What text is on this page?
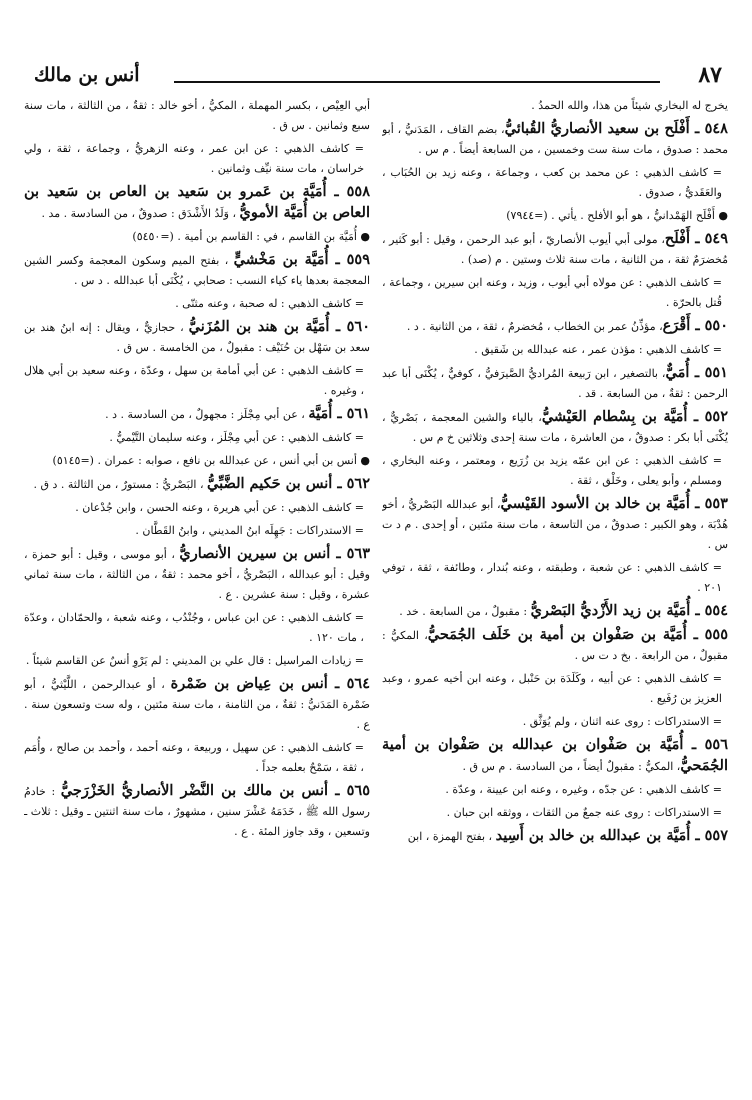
أنس بن مالك	٨٧

يخرج له البخاري شيئاً من هذا، والله الحمدُ .

٥٤٨ ـ أَفْلَح بن سعيد الأنصاريُّ القُبائيُّ، بضم القاف ، المَدَنيُّ ، أبو محمد : صدوق ، مات سنة ست وخمسين ، من السابعة أيضاً . م س .

= كاشف الذهبي : عن محمد بن كعب ، وجماعة ، وعنه زيد بن الحُبَاب ، والعَقَديُّ ، صدوق .

● أَفْلَح الهَمْدانيُّ ، هو أبو الأفلح . يأتي . (=٧٩٤٤)

٥٤٩ ـ أَفْلَح، مولى أبي أيوب الأنصاريّ ، أبو عبد الرحمن ، وقيل : أبو كَثير ، مُخضرَمٌ ثقة ، من الثانية ، مات سنة ثلاث وستين . م (صد) .

= كاشف الذهبي : عن مولاه أبي أيوب ، وزيد ، وعنه ابن سيرين ، وجماعة ، قُتل بالحرّة .

٥٥٠ ـ أَقْرَع، مؤذِّنُ عمر بن الخطاب ، مُخضرمٌ ، ثقة ، من الثانية . د .

= كاشف الذهبي : مؤذن عمر ، عنه عبدالله بن شَقيق .

٥٥١ ـ أُمَيٌّ، بالتصغير ، ابن رَبيعة المُراديُّ الصَّيرَفيُّ ، كوفيٌّ ، يُكْنَى أبا عبد الرحمن : ثقةٌ ، من السابعة . قد .

٥٥٢ ـ أُمَيَّة بن بِسْطام العَيْشيُّ، بالياء والشين المعجمة ، بَصْريٌّ ، يُكْنَى أبا بكر : صدوقٌ ، من العاشرة ، مات سنة إحدى وثلاثين خ م س .

= كاشف الذهبي : عن ابن عمّه يزيد بن زُرَيع ، ومعتمر ، وعنه البخاري ، ومسلم ، وأبو يعلى ، وخَلْق ، ثقة .

٥٥٣ ـ أُمَيَّة بن خالد بن الأسود القَيْسيُّ، أبو عبدالله البَصْريُّ ، أخو هُدْبَة ، وهو الكبير : صدوقٌ ، من التاسعة ، مات سنة مئتين ، أو إحدى . م د ت س .

= كاشف الذهبي : عن شعبة ، وطبقته ، وعنه بُندار ، وطائفة ، ثقة ، توفي ٢٠١ .

٥٥٤ ـ أُمَيَّة بن زيد الأَزْديُّ البَصْريُّ : مقبولٌ ، من السابعة . خد .

٥٥٥ ـ أُمَيَّة بن صَفْوان بن أمية بن خَلَف الجُمَحيُّ، المكيُّ : مقبولٌ ، من الرابعة . بخ د ت س .

= كاشف الذهبي : عن أبيه ، وكَلَدَة بن حَنْبل ، وعنه ابن أخيه عمرو ، وعبد العزيز بن رُفَيع .

= الاستدراكات : روى عنه اثنان ، ولم يُوَثَّق .

٥٥٦ ـ أُمَيَّة بن صَفْوان بن عبدالله بن صَفْوان بن أمية الجُمَحيُّ، المكيُّ : مقبولٌ أيضاً ، من السادسة . م س ق .

= كاشف الذهبي : عن جدّه ، وغيره ، وعنه ابن عيينة ، وعدّة .

= الاستدراكات : روى عنه جمعٌ من الثقات ، ووثقه ابن حبان .

٥٥٧ ـ أُمَيَّة بن عبدالله بن خالد بن أَسِيد ، بفتح الهمزة ، ابن

أبي العِيْص ، بكسر المهملة ، المكيُّ ، أخو خالد : ثقةٌ ، من الثالثة ، مات سنة سبع وثمانين . س ق .

= كاشف الذهبي : عن ابن عمر ، وعنه الزهريُّ ، وجماعة ، ثقة ، ولي خراسان ، مات سنة نيِّف وثمانين .

٥٥٨ ـ أُمَيَّة بن عَمرو بن سَعيد بن العاص بن سَعيد بن العاص بن أُمَيَّة الأمويُّ ، وَلَدُ الأَشْدَق : صدوقٌ ، من السادسة . مد .

● أُمَيَّة بن القاسم ، في : القاسم بن أمية . (=٥٤٥٠)

٥٥٩ ـ أُمَيَّة بن مَخْشيٍّ ، بفتح الميم وسكون المعجمة وكسر الشين المعجمة بعدها ياء كياء النسب : صحابي ، يُكْنَى أبا عبدالله . د س .

= كاشف الذهبي : له صحبة ، وعنه مثنّى .

٥٦٠ ـ أُمَيَّة بن هند بن المُزَنيُّ ، حجازيٌّ ، ويقال : إنه ابنُ هند بن سعد بن سَهْل بن حُنَيْف : مقبولٌ ، من الخامسة . س ق .

= كاشف الذهبي : عن أبي أمامة بن سهل ، وعدّة ، وعنه سعيد بن أبي هلال ، وغيره .

٥٦١ ـ أُمَيَّة ، عن أبي مِجْلَز : مجهولٌ ، من السادسة . د .

= كاشف الذهبي : عن أبي مِجْلَز ، وعنه سليمان التَّيْميُّ .

● أنس بن أبي أنس ، عن عبدالله بن نافع ، صوابه : عمران . (=٥١٤٥)

٥٦٢ ـ أنس بن حَكيم الضَّبِّيُّ ، البَصْريُّ : مستورٌ ، من الثالثة . د ق .

= كاشف الذهبي : عن أبي هريرة ، وعنه الحسن ، وابن جُدْعان .

= الاستدراكات : جَهِلَه ابنُ المديني ، وابنُ القَطَّان .

٥٦٣ ـ أنس بن سيرين الأنصاريُّ ، أبو موسى ، وقيل : أبو حمزة ، وقيل : أبو عبدالله ، البَصْريُّ ، أخو محمد : ثقةٌ ، من الثالثة ، مات سنة ثماني عشرة ، وقيل : سنة عشرين . ع .

= كاشف الذهبي : عن ابن عباس ، وجُنْدُب ، وعنه شعبة ، والحمّادان ، وعدّة ، مات ١٢٠ .

= زيادات المراسيل : قال علي بن المديني : لم يَرْوِ أنسٌ عن القاسم شيئاً .

٥٦٤ ـ أنس بن عِياض بن ضَمْرة ، أو عبدالرحمن ، اللَّيْثيُّ ، أبو ضَمْرة المَدَنيُّ : ثقةٌ ، من الثامنة ، مات سنة مئتين ، وله ست وتسعون سنة . ع .

= كاشف الذهبي : عن سهيل ، وربيعة ، وعنه أحمد ، وأحمد بن صالح ، وأُمَم ، ثقة ، سَمْحٌ بعلمه جداً .

٥٦٥ ـ أنس بن مالك بن النَّضْر الأنصاريُّ الخَزْرَجيُّ : خادمُ رسول الله ﷺ ، خَدَمَهُ عَشْرَ سنين ، مشهورٌ ، مات سنة اثنتين ـ وقيل : ثلاث ـ وتسعين ، وقد جاوز المئة . ع .
